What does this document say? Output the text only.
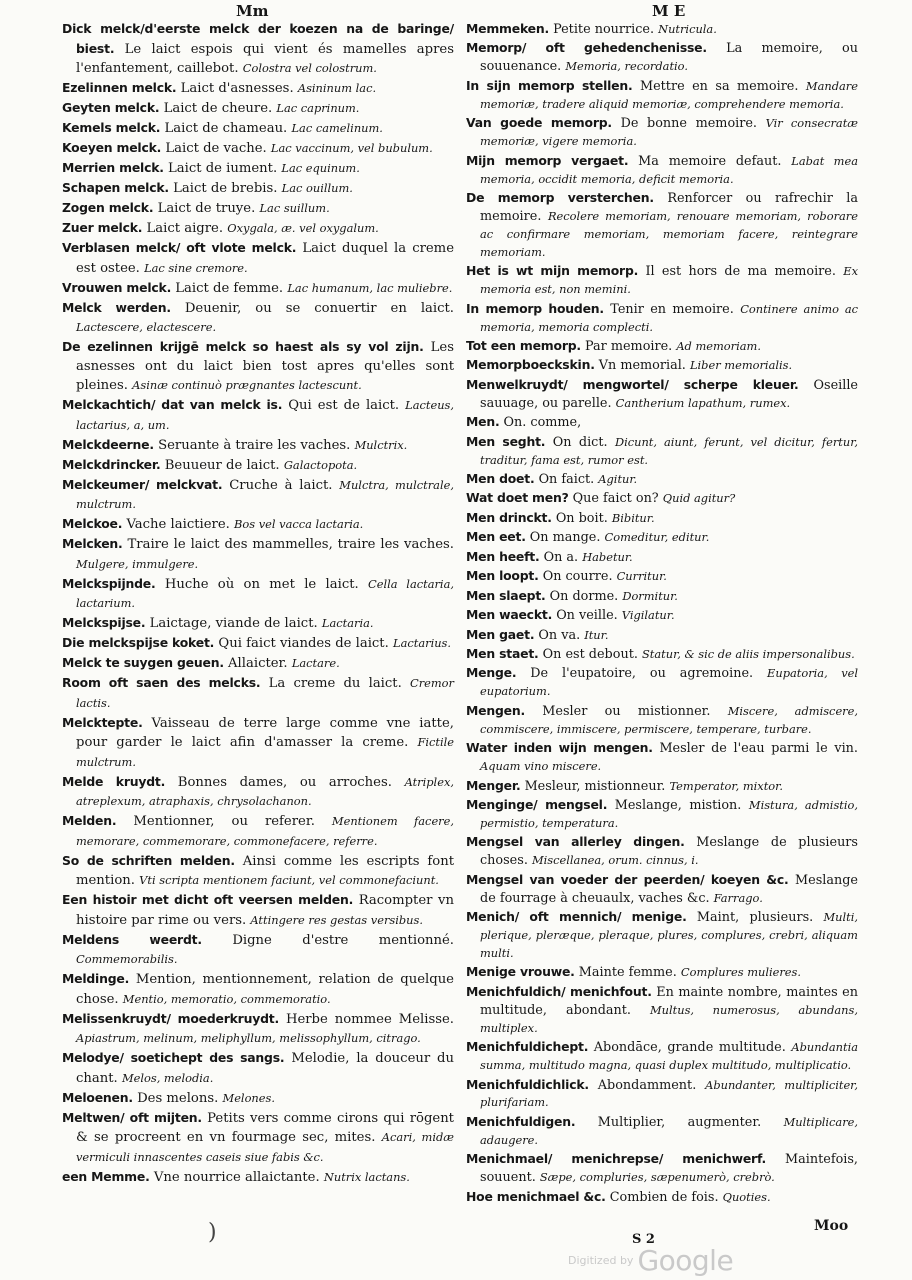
Mm	M E

Dick melck/d'eerste melck der koezen na de baringe/ biest. Le laict espois qui vient és mamelles apres l'enfantement, caillebot. Colostra vel colostrum.

Ezelinnen melck. Laict d'asnesses. Asininum lac.

Geyten melck. Laict de cheure. Lac caprinum.

Kemels melck. Laict de chameau. Lac camelinum.

Koeyen melck. Laict de vache. Lac vaccinum, vel bubulum.

Merrien melck. Laict de iument. Lac equinum.

Schapen melck. Laict de brebis. Lac ouillum.

Zogen melck. Laict de truye. Lac suillum.

Zuer melck. Laict aigre. Oxygala, æ. vel oxygalum.

Verblasen melck/ oft vlote melck. Laict duquel la creme est ostee. Lac sine cremore.

Vrouwen melck. Laict de femme. Lac humanum, lac muliebre.

Melck werden. Deuenir, ou se conuertir en laict. Lactescere, elactescere.

De ezelinnen krijgē melck so haest als sy vol zijn. Les asnesses ont du laict bien tost apres qu'elles sont pleines. Asinæ continuò prægnantes lactescunt.

Melckachtich/ dat van melck is. Qui est de laict. Lacteus, lactarius, a, um.

Melckdeerne. Seruante à traire les vaches. Mulctrix.

Melckdrincker. Beuueur de laict. Galactopota.

Melckeumer/ melckvat. Cruche à laict. Mulctra, mulctrale, mulctrum.

Melckoe. Vache laictiere. Bos vel vacca lactaria.

Melcken. Traire le laict des mammelles, traire les vaches. Mulgere, immulgere.

Melckspijnde. Huche où on met le laict. Cella lactaria, lactarium.

Melckspijse. Laictage, viande de laict. Lactaria.

Die melckspijse koket. Qui faict viandes de laict. Lactarius.

Melck te suygen geuen. Allaicter. Lactare.

Room oft saen des melcks. La creme du laict. Cremor lactis.

Melcktepte. Vaisseau de terre large comme vne iatte, pour garder le laict afin d'amasser la creme. Fictile mulctrum.

Melde kruydt. Bonnes dames, ou arroches. Atriplex, atreplexum, atraphaxis, chrysolachanon.

Melden. Mentionner, ou referer. Mentionem facere, memorare, commemorare, commonefacere, referre.

So de schriften melden. Ainsi comme les escripts font mention. Vti scripta mentionem faciunt, vel commonefaciunt.

Een histoir met dicht oft veersen melden. Racompter vn histoire par rime ou vers. Attingere res gestas versibus.

Meldens weerdt. Digne d'estre mentionné. Commemorabilis.

Meldinge. Mention, mentionnement, relation de quelque chose. Mentio, memoratio, commemoratio.

Melissenkruydt/ moederkruydt. Herbe nommee Melisse. Apiastrum, melinum, meliphyllum, melissophyllum, citrago.

Melodye/ soetichept des sangs. Melodie, la douceur du chant. Melos, melodia.

Meloenen. Des melons. Melones.

Meltwen/ oft mijten. Petits vers comme cirons qui rōgent & se procreent en vn fourmage sec, mites. Acari, midæ vermiculi innascentes caseis siue fabis &c.

een Memme. Vne nourrice allaictante. Nutrix lactans.

Memmeken. Petite nourrice. Nutricula.

Memorp/ oft gehedenchenisse. La memoire, ou souuenance. Memoria, recordatio.

In sijn memorp stellen. Mettre en sa memoire. Mandare memoriæ, tradere aliquid memoriæ, comprehendere memoria.

Van goede memorp. De bonne memoire. Vir consecratæ memoriæ, vigere memoria.

Mijn memorp vergaet. Ma memoire defaut. Labat mea memoria, occidit memoria, deficit memoria.

De memorp versterchen. Renforcer ou rafrechir la memoire. Recolere memoriam, renouare memoriam, roborare ac confirmare memoriam, memoriam facere, reintegrare memoriam.

Het is wt mijn memorp. Il est hors de ma memoire. Ex memoria est, non memini.

In memorp houden. Tenir en memoire. Continere animo ac memoria, memoria complecti.

Tot een memorp. Par memoire. Ad memoriam.

Memorpboeckskin. Vn memorial. Liber memorialis.

Menwelkruydt/ mengwortel/ scherpe kleuer. Oseille sauuage, ou parelle. Cantherium lapathum, rumex.

Men. On. comme,

Men seght. On dict. Dicunt, aiunt, ferunt, vel dicitur, fertur, traditur, fama est, rumor est.

Men doet. On faict. Agitur.

Wat doet men? Que faict on? Quid agitur?

Men drinckt. On boit. Bibitur.

Men eet. On mange. Comeditur, editur.

Men heeft. On a. Habetur.

Men loopt. On courre. Curritur.

Men slaept. On dorme. Dormitur.

Men waeckt. On veille. Vigilatur.

Men gaet. On va. Itur.

Men staet. On est debout. Statur, & sic de aliis impersonalibus.

Menge. De l'eupatoire, ou agremoine. Eupatoria, vel eupatorium.

Mengen. Mesler ou mistionner. Miscere, admiscere, commiscere, immiscere, permiscere, temperare, turbare.

Water inden wijn mengen. Mesler de l'eau parmi le vin. Aquam vino miscere.

Menger. Mesleur, mistionneur. Temperator, mixtor.

Menginge/ mengsel. Meslange, mistion. Mistura, admistio, permistio, temperatura.

Mengsel van allerley dingen. Meslange de plusieurs choses. Miscellanea, orum. cinnus, i.

Mengsel van voeder der peerden/ koeyen &c. Meslange de fourrage à cheuaulx, vaches &c. Farrago.

Menich/ oft mennich/ menige. Maint, plusieurs. Multi, plerique, pleræque, pleraque, plures, complures, crebri, aliquam multi.

Menige vrouwe. Mainte femme. Complures mulieres.

Menichfuldich/ menichfout. En mainte nombre, maintes en multitude, abondant. Multus, numerosus, abundans, multiplex.

Menichfuldichept. Abondāce, grande multitude. Abundantia summa, multitudo magna, quasi duplex multitudo, multiplicatio.

Menichfuldichlick. Abondamment. Abundanter, multipliciter, plurifariam.

Menichfuldigen. Multiplier, augmenter. Multiplicare, adaugere.

Menichmael/ menichrepse/ menichwerf. Maintefois, souuent. Sæpe, compluries, sæpenumerò, crebrò.

Hoe menichmael &c. Combien de fois. Quoties.

)	S 2
Moo
$^{Digitized by}$ Google
